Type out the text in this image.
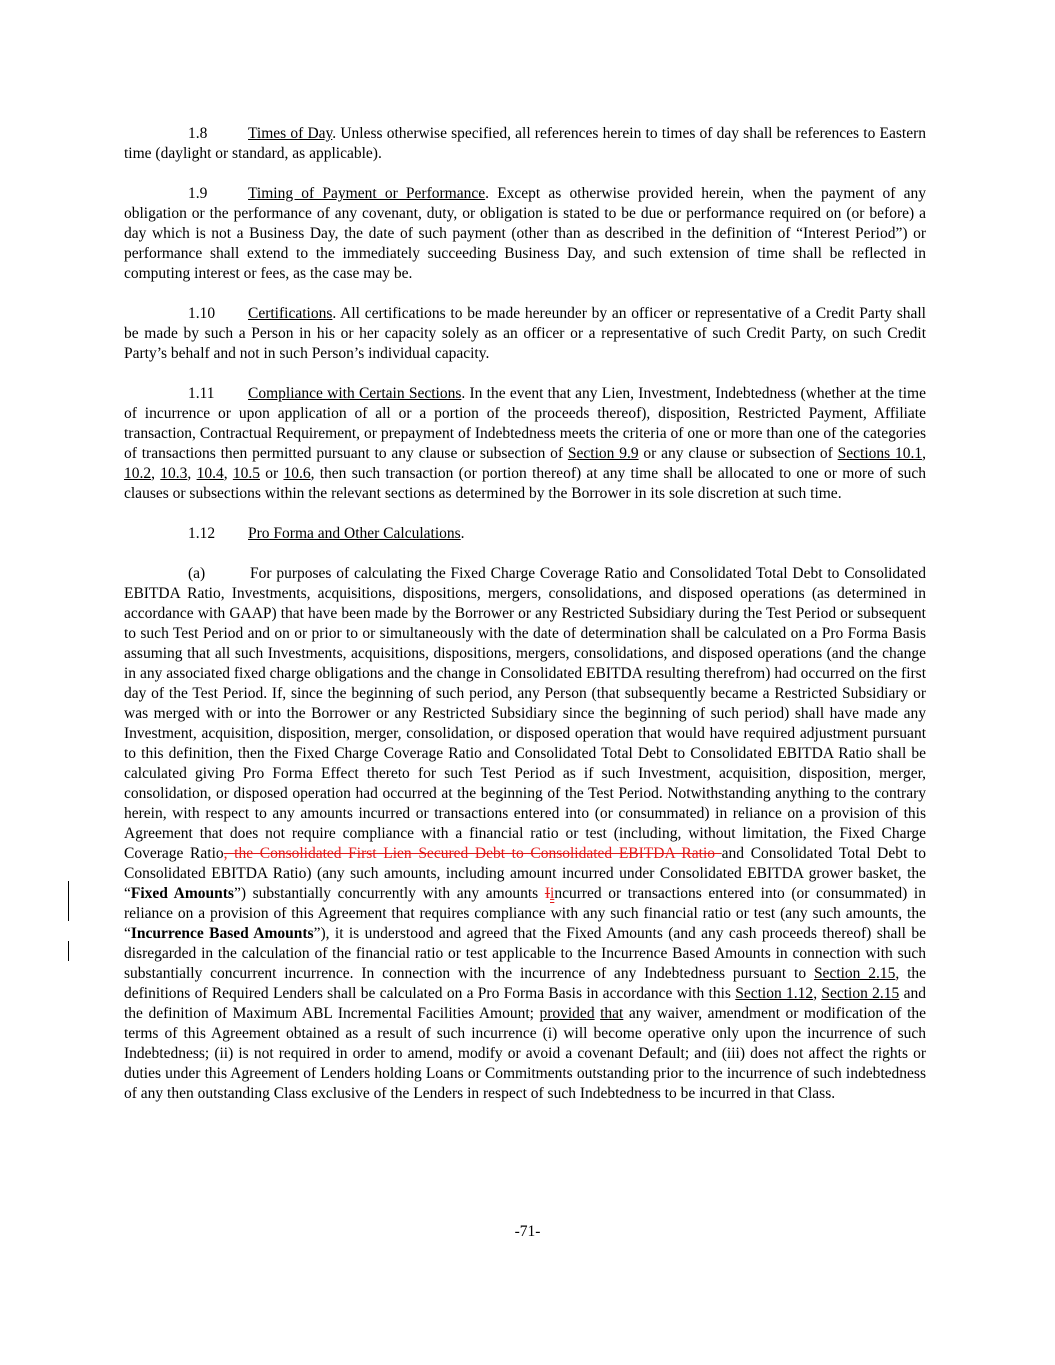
1.8	Times of Day. Unless otherwise specified, all references herein to times of day shall be references to Eastern time (daylight or standard, as applicable).

1.9	Timing of Payment or Performance. Except as otherwise provided herein, when the payment of any obligation or the performance of any covenant, duty, or obligation is stated to be due or performance required on (or before) a day which is not a Business Day, the date of such payment (other than as described in the definition of “Interest Period”) or performance shall extend to the immediately succeeding Business Day, and such extension of time shall be reflected in computing interest or fees, as the case may be.

1.10 Certifications. All certifications to be made hereunder by an officer or representative of a Credit Party shall be made by such a Person in his or her capacity solely as an officer or a representative of such Credit Party, on such Credit Party’s behalf and not in such Person’s individual capacity.

1.11 Compliance with Certain Sections. In the event that any Lien, Investment, Indebtedness (whether at the time of incurrence or upon application of all or a portion of the proceeds thereof), disposition, Restricted Payment, Affiliate transaction, Contractual Requirement, or prepayment of Indebtedness meets the criteria of one or more than one of the categories of transactions then permitted pursuant to any clause or subsection of Section 9.9 or any clause or subsection of Sections 10.1, 10.2, 10.3, 10.4, 10.5 or 10.6, then such transaction (or portion thereof) at any time shall be allocated to one or more of such clauses or subsections within the relevant sections as determined by the Borrower in its sole discretion at such time.

1.12 Pro Forma and Other Calculations.

(a)	For purposes of calculating the Fixed Charge Coverage Ratio and Consolidated Total Debt to Consolidated EBITDA Ratio, Investments, acquisitions, dispositions, mergers, consolidations, and disposed operations (as determined in accordance with GAAP) that have been made by the Borrower or any Restricted Subsidiary during the Test Period or subsequent to such Test Period and on or prior to or simultaneously with the date of determination shall be calculated on a Pro Forma Basis assuming that all such Investments, acquisitions, dispositions, mergers, consolidations, and disposed operations (and the change in any associated fixed charge obligations and the change in Consolidated EBITDA resulting therefrom) had occurred on the first day of the Test Period. If, since the beginning of such period, any Person (that subsequently became a Restricted Subsidiary or was merged with or into the Borrower or any Restricted Subsidiary since the beginning of such period) shall have made any Investment, acquisition, disposition, merger, consolidation, or disposed operation that would have required adjustment pursuant to this definition, then the Fixed Charge Coverage Ratio and Consolidated Total Debt to Consolidated EBITDA Ratio shall be calculated giving Pro Forma Effect thereto for such Test Period as if such Investment, acquisition, disposition, merger, consolidation, or disposed operation had occurred at the beginning of the Test Period. Notwithstanding anything to the contrary herein, with respect to any amounts incurred or transactions entered into (or consummated) in reliance on a provision of this Agreement that does not require compliance with a financial ratio or test (including, without limitation, the Fixed Charge Coverage Ratio, the Consolidated First Lien Secured Debt to Consolidated EBITDA Ratio and Consolidated Total Debt to Consolidated EBITDA Ratio) (any such amounts, including amount incurred under Consolidated EBITDA grower basket, the “Fixed Amounts”) substantially concurrently with any amounts Iincurred or transactions entered into (or consummated) in reliance on a provision of this Agreement that requires compliance with any such financial ratio or test (any such amounts, the “Incurrence Based Amounts”), it is understood and agreed that the Fixed Amounts (and any cash proceeds thereof) shall be disregarded in the calculation of the financial ratio or test applicable to the Incurrence Based Amounts in connection with such substantially concurrent incurrence. In connection with the incurrence of any Indebtedness pursuant to Section 2.15, the definitions of Required Lenders shall be calculated on a Pro Forma Basis in accordance with this Section 1.12, Section 2.15 and the definition of Maximum ABL Incremental Facilities Amount; provided that any waiver, amendment or modification of the terms of this Agreement obtained as a result of such incurrence (i) will become operative only upon the incurrence of such Indebtedness; (ii) is not required in order to amend, modify or avoid a covenant Default; and (iii) does not affect the rights or duties under this Agreement of Lenders holding Loans or Commitments outstanding prior to the incurrence of such indebtedness of any then outstanding Class exclusive of the Lenders in respect of such Indebtedness to be incurred in that Class.

-71-
